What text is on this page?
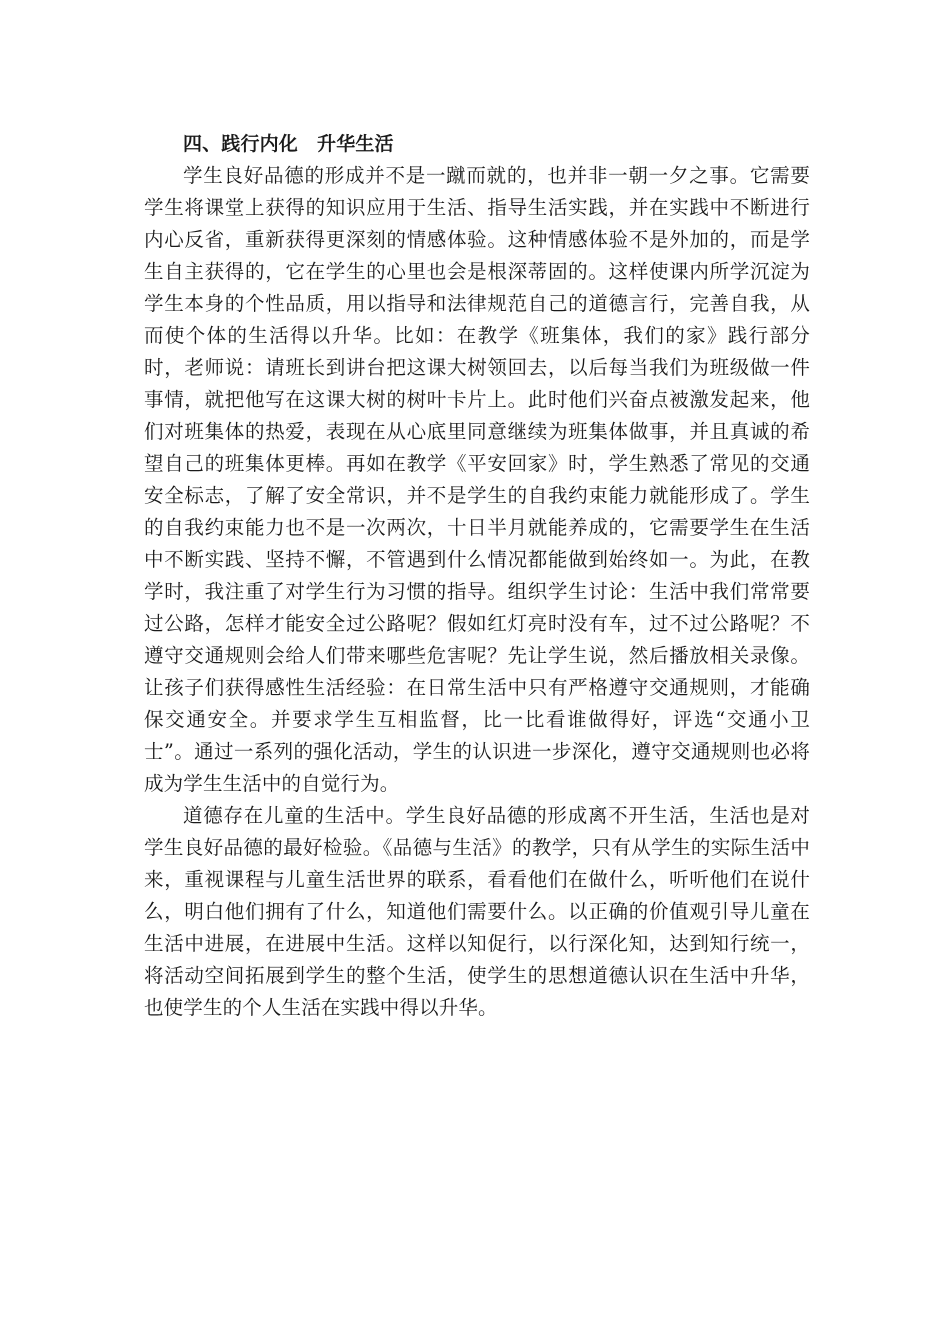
四、践行内化　升华生活

学生良好品德的形成并不是一蹴而就的，也并非一朝一夕之事。它需要学生将课堂上获得的知识应用于生活、指导生活实践，并在实践中不断进行内心反省，重新获得更深刻的情感体验。这种情感体验不是外加的，而是学生自主获得的，它在学生的心里也会是根深蒂固的。这样使课内所学沉淀为学生本身的个性品质，用以指导和法律规范自己的道德言行，完善自我，从而使个体的生活得以升华。比如：在教学《班集体，我们的家》践行部分时，老师说：请班长到讲台把这课大树领回去，以后每当我们为班级做一件事情，就把他写在这课大树的树叶卡片上。此时他们兴奋点被激发起来，他们对班集体的热爱，表现在从心底里同意继续为班集体做事，并且真诚的希望自己的班集体更棒。再如在教学《平安回家》时，学生熟悉了常见的交通安全标志，了解了安全常识，并不是学生的自我约束能力就能形成了。学生的自我约束能力也不是一次两次，十日半月就能养成的，它需要学生在生活中不断实践、坚持不懈，不管遇到什么情况都能做到始终如一。为此，在教学时，我注重了对学生行为习惯的指导。组织学生讨论：生活中我们常常要过公路，怎样才能安全过公路呢？假如红灯亮时没有车，过不过公路呢？不遵守交通规则会给人们带来哪些危害呢？先让学生说，然后播放相关录像。让孩子们获得感性生活经验：在日常生活中只有严格遵守交通规则，才能确保交通安全。并要求学生互相监督，比一比看谁做得好，评选“交通小卫士”。通过一系列的强化活动，学生的认识进一步深化，遵守交通规则也必将成为学生生活中的自觉行为。

道德存在儿童的生活中。学生良好品德的形成离不开生活，生活也是对学生良好品德的最好检验。《品德与生活》的教学，只有从学生的实际生活中来，重视课程与儿童生活世界的联系，看看他们在做什么，听听他们在说什么，明白他们拥有了什么，知道他们需要什么。以正确的价值观引导儿童在生活中进展，在进展中生活。这样以知促行，以行深化知，达到知行统一，将活动空间拓展到学生的整个生活，使学生的思想道德认识在生活中升华，也使学生的个人生活在实践中得以升华。
